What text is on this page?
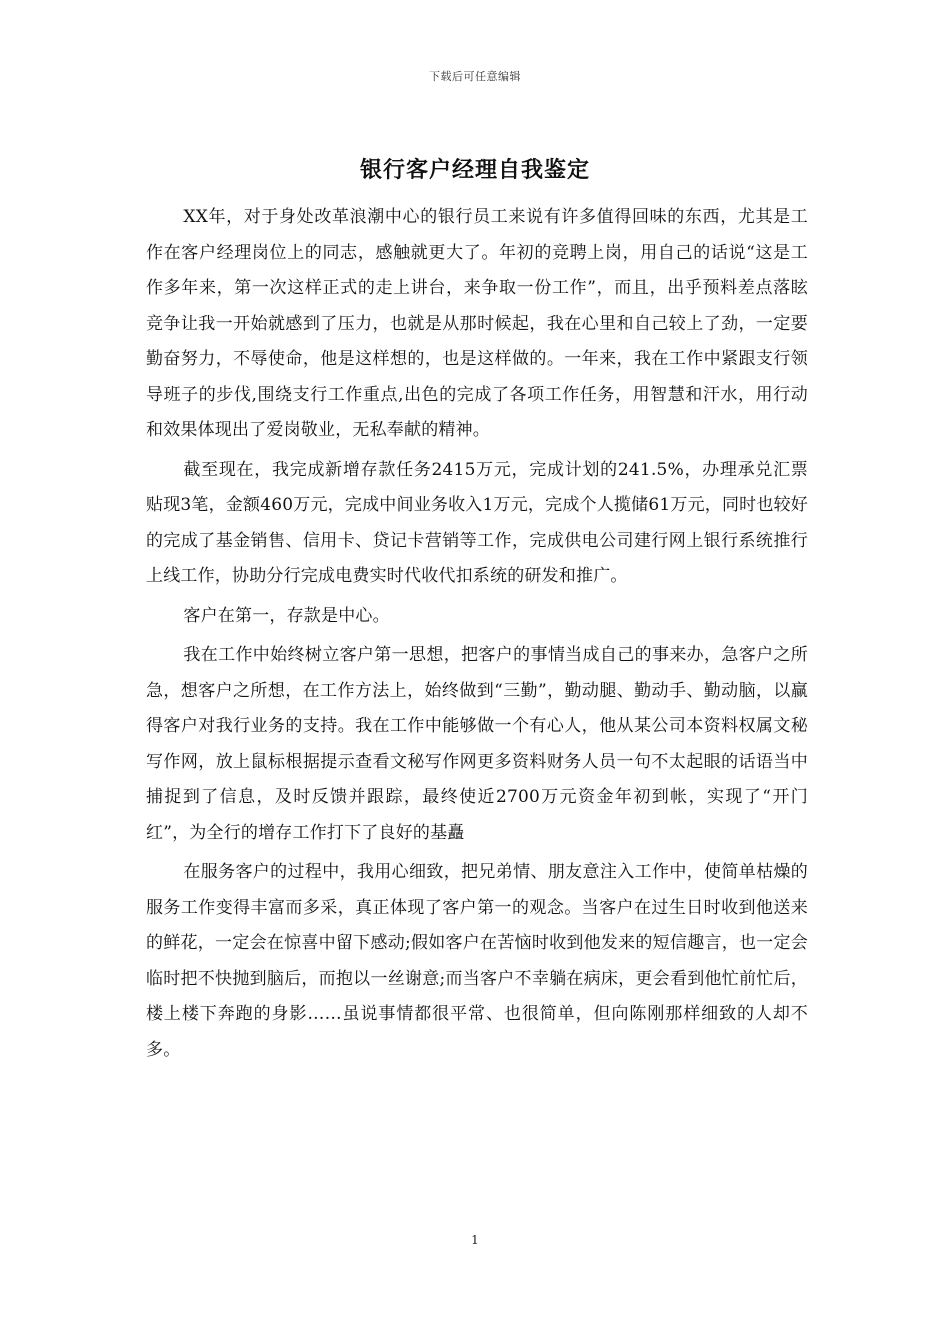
下载后可任意编辑
银行客户经理自我鉴定

XX年，对于身处改革浪潮中心的银行员工来说有许多值得回味的东西，尤其是工作在客户经理岗位上的同志，感触就更大了。年初的竞聘上岗，用自己的话说“这是工作多年来，第一次这样正式的走上讲台，来争取一份工作”，而且，出乎预料差点落眩竞争让我一开始就感到了压力，也就是从那时候起，我在心里和自己较上了劲，一定要勤奋努力，不辱使命，他是这样想的，也是这样做的。一年来，我在工作中紧跟支行领导班子的步伐,围绕支行工作重点,出色的完成了各项工作任务，用智慧和汗水，用行动和效果体现出了爱岗敬业，无私奉献的精神。

截至现在，我完成新增存款任务2415万元，完成计划的241.5%，办理承兑汇票贴现3笔，金额460万元，完成中间业务收入1万元，完成个人揽储61万元，同时也较好的完成了基金销售、信用卡、贷记卡营销等工作，完成供电公司建行网上银行系统推行上线工作，协助分行完成电费实时代收代扣系统的研发和推广。

客户在第一，存款是中心。

我在工作中始终树立客户第一思想，把客户的事情当成自己的事来办，急客户之所急，想客户之所想，在工作方法上，始终做到“三勤”，勤动腿、勤动手、勤动脑，以赢得客户对我行业务的支持。我在工作中能够做一个有心人，他从某公司本资料权属文秘写作网，放上鼠标根据提示查看文秘写作网更多资料财务人员一句不太起眼的话语当中捕捉到了信息，及时反馈并跟踪，最终使近2700万元资金年初到帐，实现了“开门红”，为全行的增存工作打下了良好的基矗

在服务客户的过程中，我用心细致，把兄弟情、朋友意注入工作中，使简单枯燥的服务工作变得丰富而多采，真正体现了客户第一的观念。当客户在过生日时收到他送来的鲜花，一定会在惊喜中留下感动;假如客户在苦恼时收到他发来的短信趣言，也一定会临时把不快抛到脑后，而抱以一丝谢意;而当客户不幸躺在病床，更会看到他忙前忙后，楼上楼下奔跑的身影……虽说事情都很平常、也很简单，但向陈刚那样细致的人却不多。

1
